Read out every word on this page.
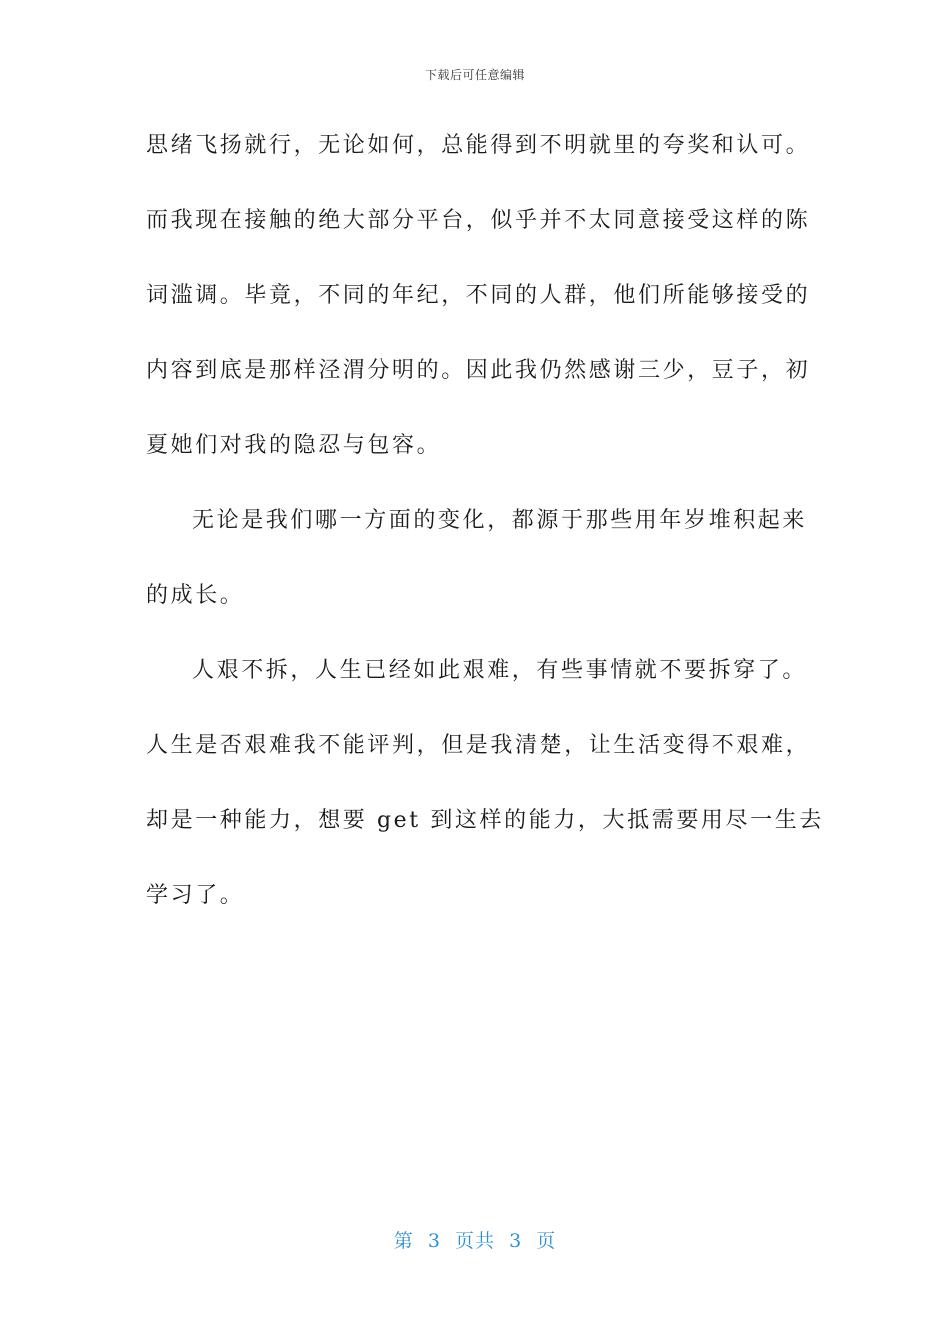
下载后可任意编辑
思绪飞扬就行，无论如何，总能得到不明就里的夸奖和认可。
而我现在接触的绝大部分平台，似乎并不太同意接受这样的陈
词滥调。毕竟，不同的年纪，不同的人群，他们所能够接受的
内容到底是那样泾渭分明的。因此我仍然感谢三少，豆子，初
夏她们对我的隐忍与包容。
无论是我们哪一方面的变化，都源于那些用年岁堆积起来
的成长。
人艰不拆，人生已经如此艰难，有些事情就不要拆穿了。
人生是否艰难我不能评判，但是我清楚，让生活变得不艰难，
却是一种能力，想要 get 到这样的能力，大抵需要用尽一生去
学习了。
第  3  页共  3  页
